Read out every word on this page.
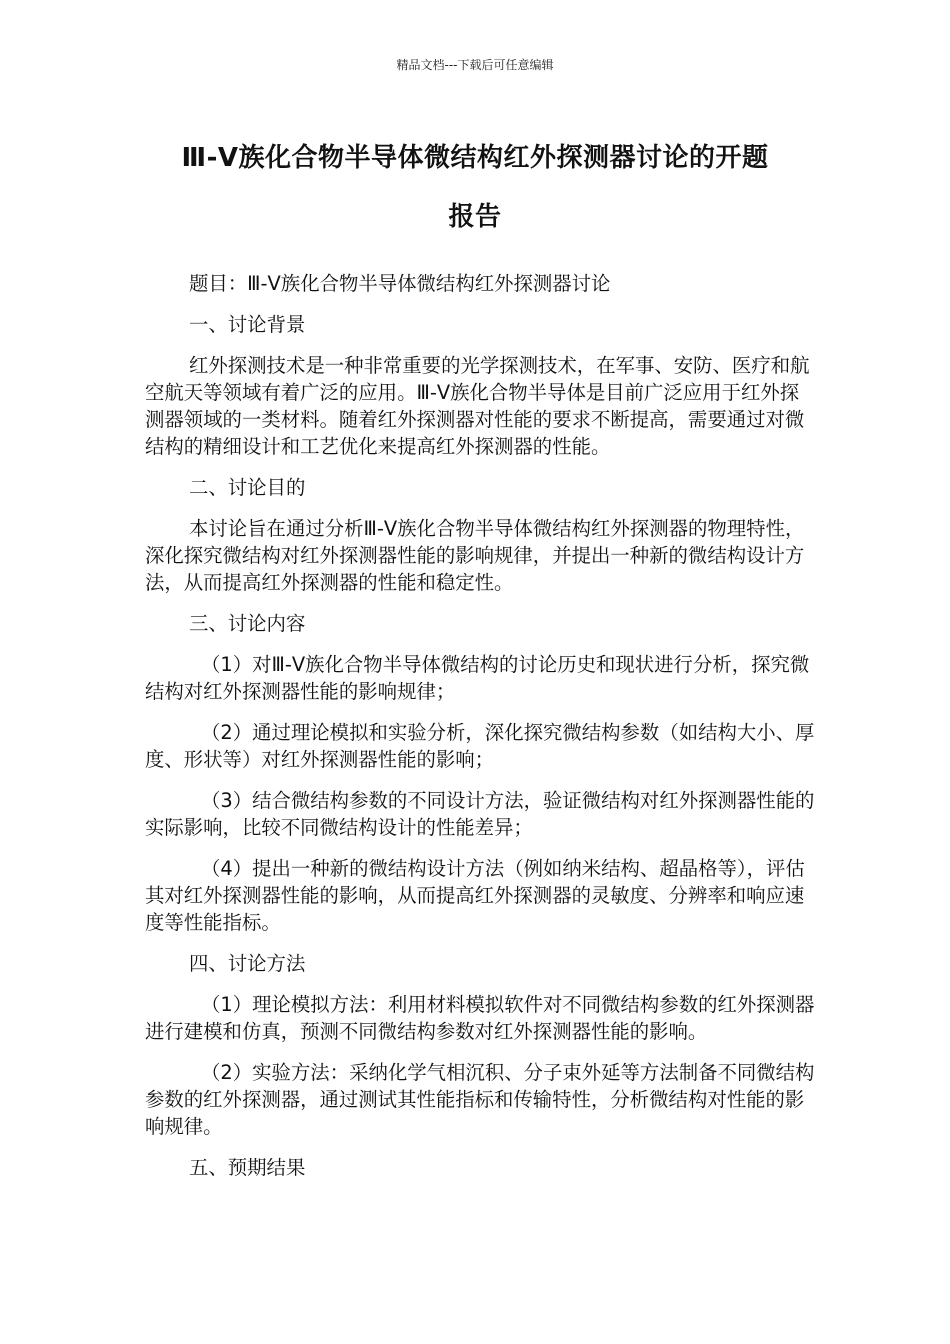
精品文档---下载后可任意编辑
Ⅲ-Ⅴ族化合物半导体微结构红外探测器讨论的开题
报告

题目：Ⅲ-Ⅴ族化合物半导体微结构红外探测器讨论

一、讨论背景

红外探测技术是一种非常重要的光学探测技术，在军事、安防、医疗和航空航天等领域有着广泛的应用。Ⅲ-Ⅴ族化合物半导体是目前广泛应用于红外探测器领域的一类材料。随着红外探测器对性能的要求不断提高，需要通过对微结构的精细设计和工艺优化来提高红外探测器的性能。

二、讨论目的

本讨论旨在通过分析Ⅲ-Ⅴ族化合物半导体微结构红外探测器的物理特性，深化探究微结构对红外探测器性能的影响规律，并提出一种新的微结构设计方法，从而提高红外探测器的性能和稳定性。

三、讨论内容

（1）对Ⅲ-Ⅴ族化合物半导体微结构的讨论历史和现状进行分析，探究微结构对红外探测器性能的影响规律；

（2）通过理论模拟和实验分析，深化探究微结构参数（如结构大小、厚度、形状等）对红外探测器性能的影响；

（3）结合微结构参数的不同设计方法，验证微结构对红外探测器性能的实际影响，比较不同微结构设计的性能差异；

（4）提出一种新的微结构设计方法（例如纳米结构、超晶格等），评估其对红外探测器性能的影响，从而提高红外探测器的灵敏度、分辨率和响应速度等性能指标。

四、讨论方法

（1）理论模拟方法：利用材料模拟软件对不同微结构参数的红外探测器进行建模和仿真，预测不同微结构参数对红外探测器性能的影响。

（2）实验方法：采纳化学气相沉积、分子束外延等方法制备不同微结构参数的红外探测器，通过测试其性能指标和传输特性，分析微结构对性能的影响规律。

五、预期结果
